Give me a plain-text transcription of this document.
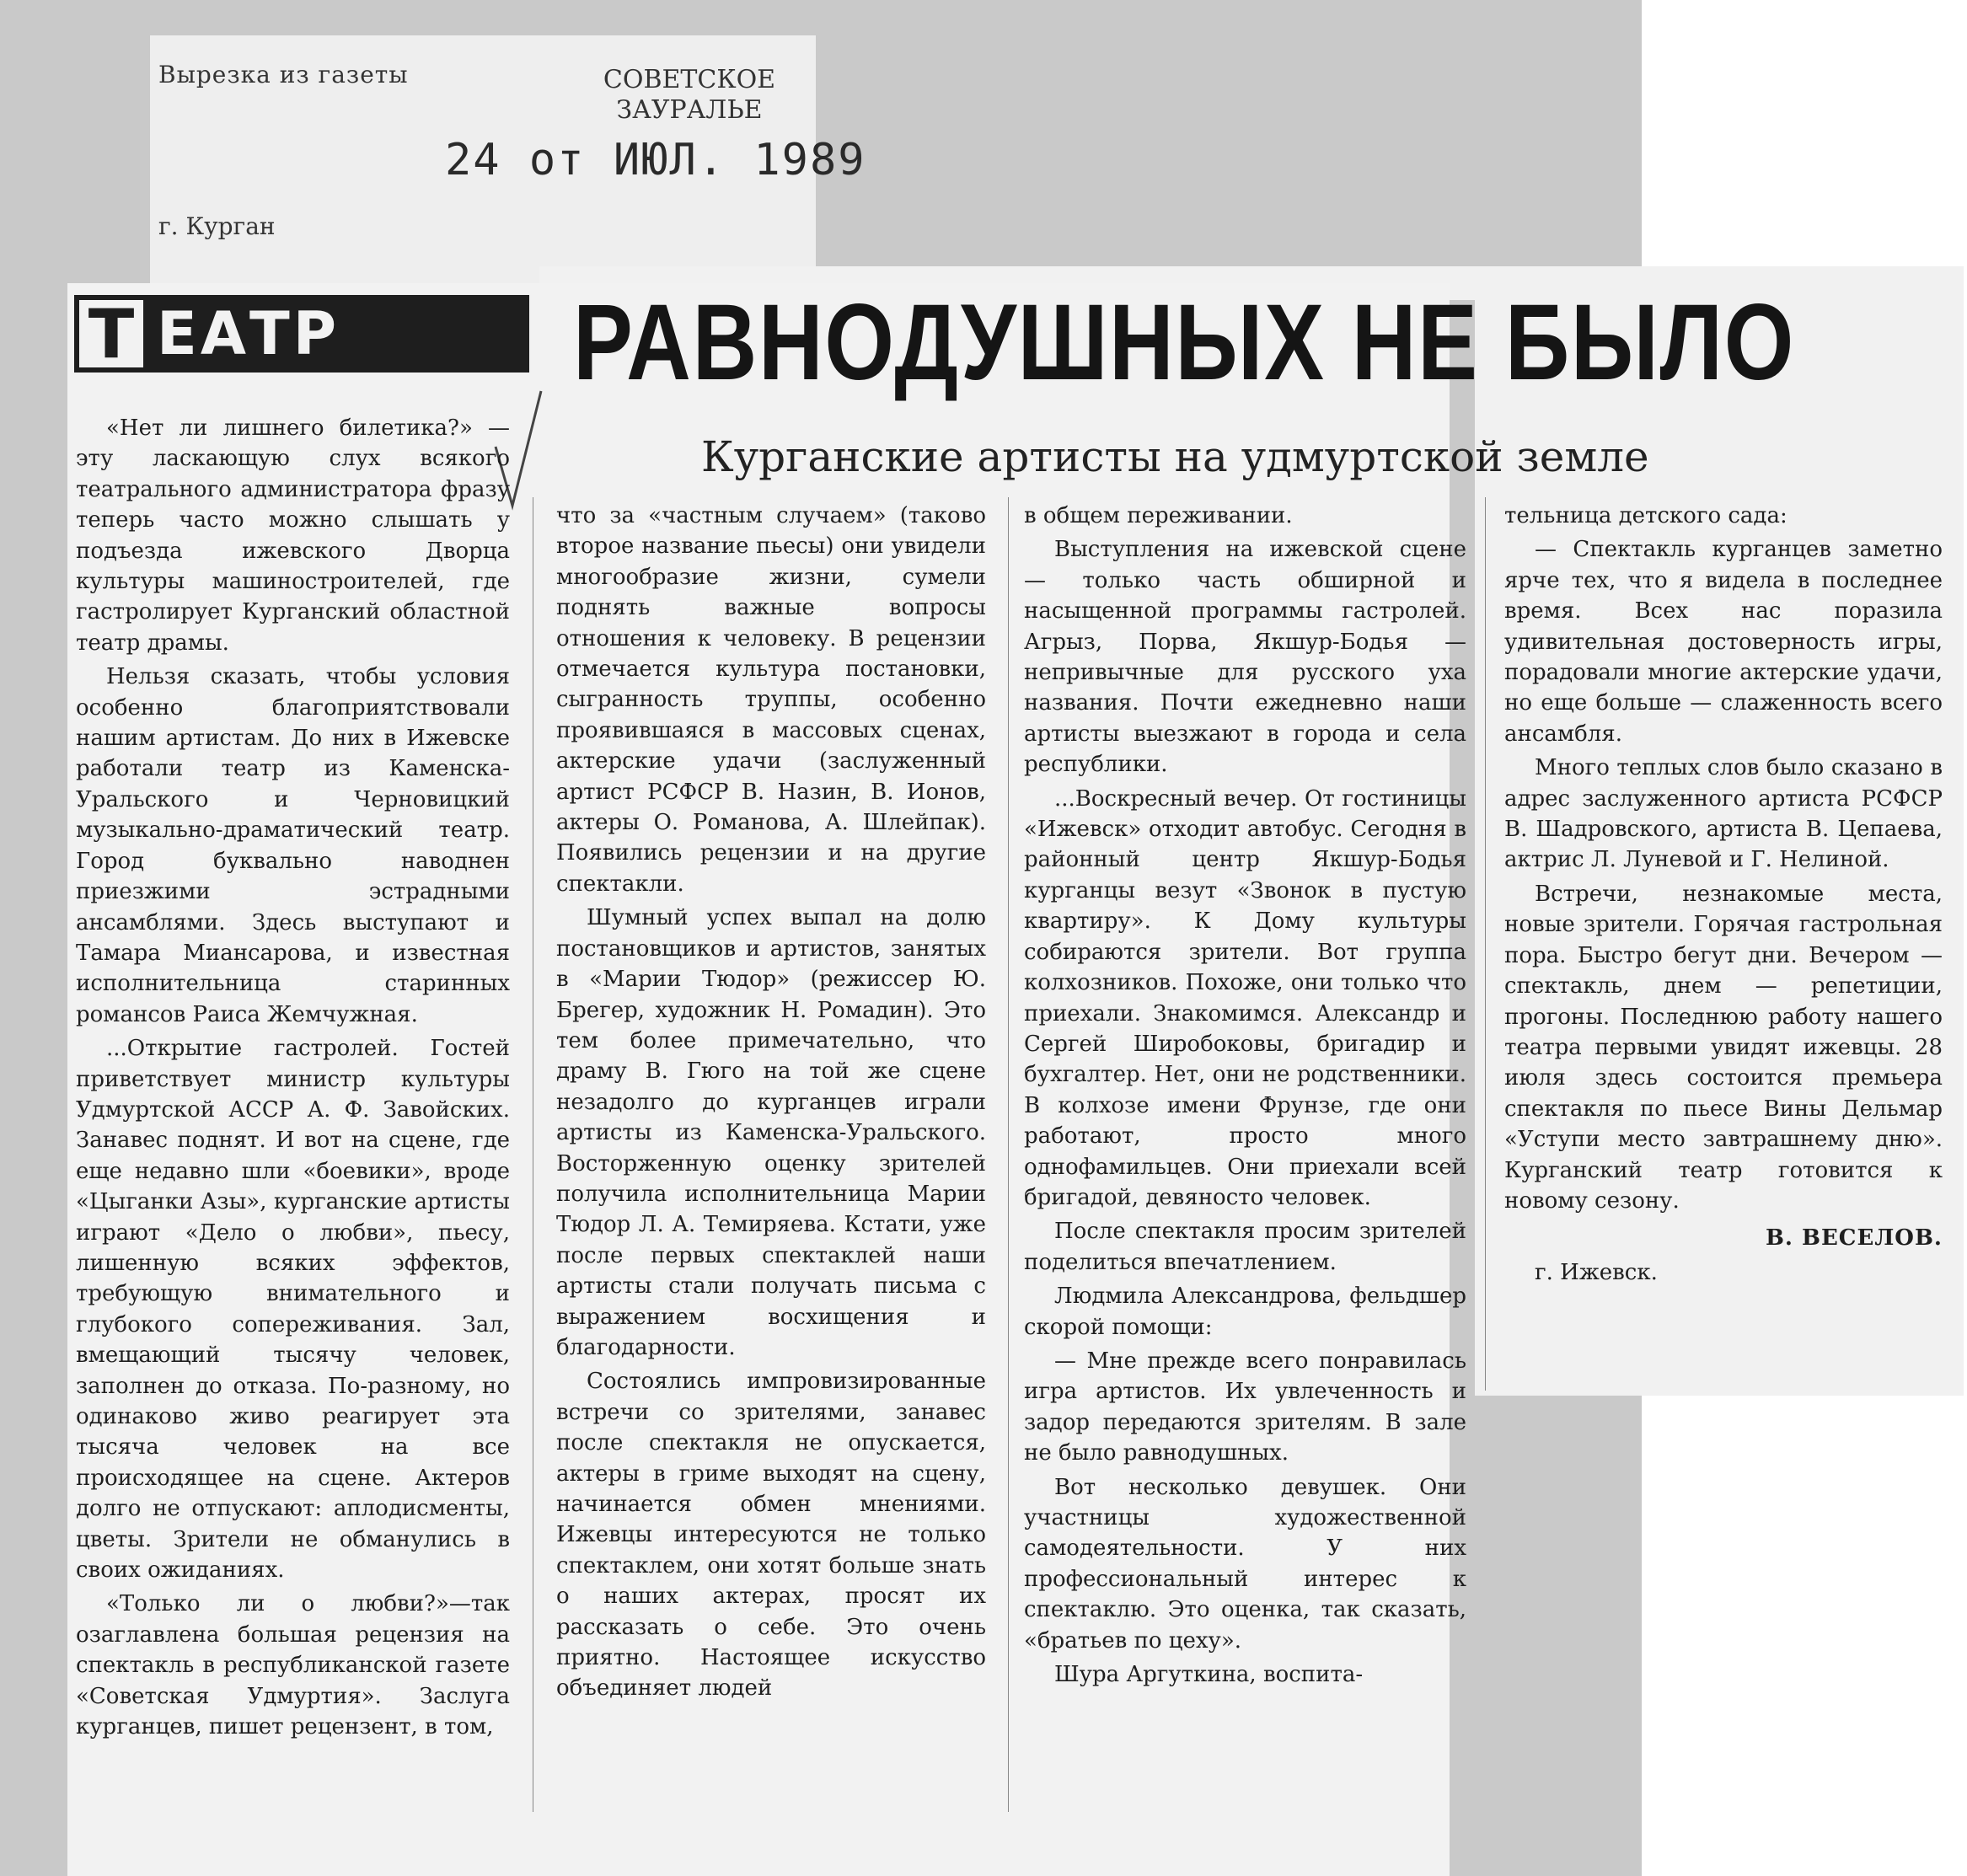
Вырезка из газеты	СОВЕТСКОЕ ЗАУРАЛЬЕ
24 от ИЮЛ. 1989
г. Курган
Т ЕАТР РАВНОДУШНЫХ НЕ БЫЛО
Курганские артисты на удмуртской земле

«Нет ли лишнего билетика?» — эту ласкающую слух всякого театрального администратора фразу теперь часто можно слышать у подъезда ижевского Дворца культуры машиностроителей, где гастролирует Курганский областной театр драмы.

Нельзя сказать, чтобы условия особенно благоприятствовали нашим артистам. До них в Ижевске работали театр из Каменска-Уральского и Черновицкий музыкально-драматический театр. Город буквально наводнен приезжими эстрадными ансамблями. Здесь выступают и Тамара Миансарова, и известная исполнительница старинных романсов Раиса Жемчужная.

...Открытие гастролей. Гостей приветствует министр культуры Удмуртской АССР А. Ф. Завойских. Занавес поднят. И вот на сцене, где еще недавно шли «боевики», вроде «Цыганки Азы», курганские артисты играют «Дело о любви», пьесу, лишенную всяких эффектов, требующую внимательного и глубокого сопереживания. Зал, вмещающий тысячу человек, заполнен до отказа. По-разному, но одинаково живо реагирует эта тысяча человек на все происходящее на сцене. Актеров долго не отпускают: аплодисменты, цветы. Зрители не обманулись в своих ожиданиях.

«Только ли о любви?»—так озаглавлена большая рецензия на спектакль в республиканской газете «Советская Удмуртия». Заслуга курганцев, пишет рецензент, в том,

что за «частным случаем» (таково второе название пьесы) они увидели многообразие жизни, сумели поднять важные вопросы отношения к человеку. В рецензии отмечается культура постановки, сыгранность труппы, особенно проявившаяся в массовых сценах, актерские удачи (заслуженный артист РСФСР В. Назин, В. Ионов, актеры О. Романова, А. Шлейпак). Появились рецензии и на другие спектакли.

Шумный успех выпал на долю постановщиков и артистов, занятых в «Марии Тюдор» (режиссер Ю. Брегер, художник Н. Ромадин). Это тем более примечательно, что драму В. Гюго на той же сцене незадолго до курганцев играли артисты из Каменска-Уральского. Восторженную оценку зрителей получила исполнительница Марии Тюдор Л. А. Темиряева. Кстати, уже после первых спектаклей наши артисты стали получать письма с выражением восхищения и благодарности.

Состоялись импровизированные встречи со зрителями, занавес после спектакля не опускается, актеры в гриме выходят на сцену, начинается обмен мнениями. Ижевцы интересуются не только спектаклем, они хотят больше знать о наших актерах, просят их рассказать о себе. Это очень приятно. Настоящее искусство объединяет людей

в общем переживании.

Выступления на ижевской сцене — только часть обширной и насыщенной программы гастролей. Агрыз, Порва, Якшур-Бодья — непривычные для русского уха названия. Почти ежедневно наши артисты выезжают в города и села республики.

...Воскресный вечер. От гостиницы «Ижевск» отходит автобус. Сегодня в районный центр Якшур-Бодья курганцы везут «Звонок в пустую квартиру». К Дому культуры собираются зрители. Вот группа колхозников. Похоже, они только что приехали. Знакомимся. Александр и Сергей Широбоковы, бригадир и бухгалтер. Нет, они не родственники. В колхозе имени Фрунзе, где они работают, просто много однофамильцев. Они приехали всей бригадой, девяносто человек.

После спектакля просим зрителей поделиться впечатлением.

Людмила Александрова, фельдшер скорой помощи:

— Мне прежде всего понравилась игра артистов. Их увлеченность и задор передаются зрителям. В зале не было равнодушных.

Вот несколько девушек. Они участницы художественной самодеятельности. У них профессиональный интерес к спектаклю. Это оценка, так сказать, «братьев по цеху».

Шура Аргуткина, воспита-

тельница детского сада:

— Спектакль курганцев заметно ярче тех, что я видела в последнее время. Всех нас поразила удивительная достоверность игры, порадовали многие актерские удачи, но еще больше — слаженность всего ансамбля.

Много теплых слов было сказано в адрес заслуженного артиста РСФСР В. Шадровского, артиста В. Цепаева, актрис Л. Луневой и Г. Нелиной.

Встречи, незнакомые места, новые зрители. Горячая гастрольная пора. Быстро бегут дни. Вечером — спектакль, днем — репетиции, прогоны. Последнюю работу нашего театра первыми увидят ижевцы. 28 июля здесь состоится премьера спектакля по пьесе Вины Дельмар «Уступи место завтрашнему дню». Курганский театр готовится к новому сезону.

В. ВЕСЕЛОВ.
г. Ижевск.
